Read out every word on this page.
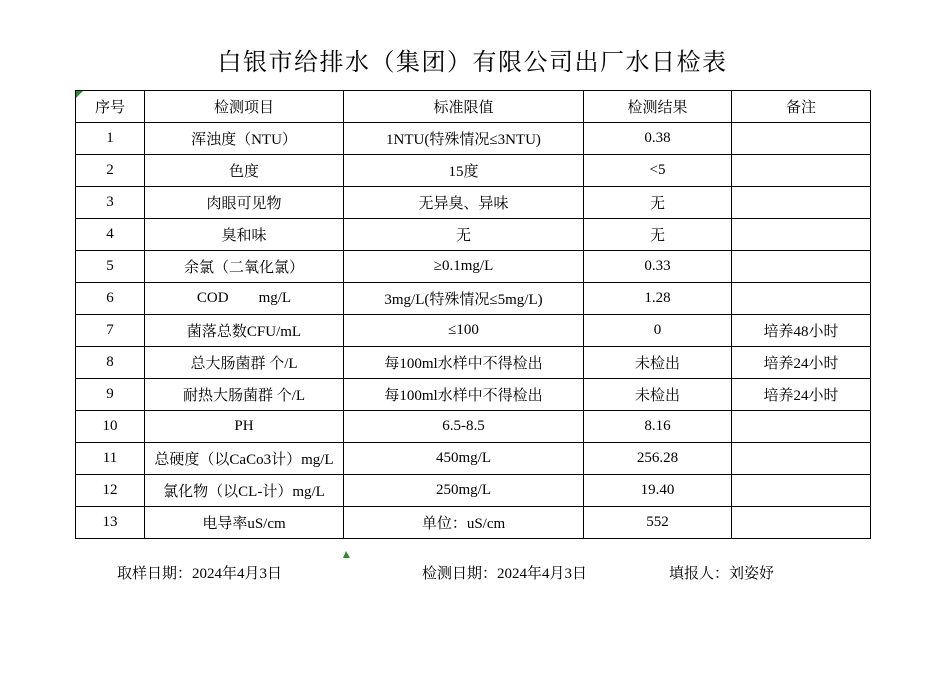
白银市给排水（集团）有限公司出厂水日检表
序号	检测项目	标准限值	检测结果	备注
1	浑浊度（NTU）	1NTU(特殊情况≤3NTU)	0.38	
2	色度	15度	<5	
3	肉眼可见物	无异臭、异味	无	
4	臭和味	无	无	
5	余氯（二氧化氯）	≥0.1mg/L	0.33	
6	COD        mg/L	3mg/L(特殊情况≤5mg/L)	1.28	
7	菌落总数CFU/mL	≤100	0	培养48小时
8	总大肠菌群 个/L	每100ml水样中不得检出	未检出	培养24小时
9	耐热大肠菌群 个/L	每100ml水样中不得检出	未检出	培养24小时
10	PH	6.5-8.5	8.16	
11	总硬度（以CaCo3计）mg/L	450mg/L	256.28	
12	氯化物（以CL-计）mg/L	250mg/L	19.40	
13	电导率uS/cm	单位：uS/cm	552	
取样日期：2024年4月3日	检测日期：2024年4月3日	填报人：刘姿妤
